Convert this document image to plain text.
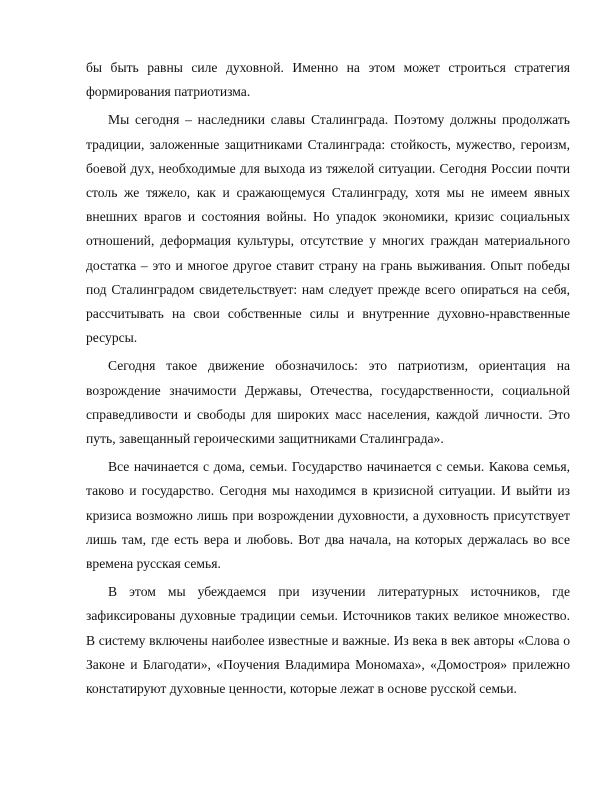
бы быть равны силе духовной. Именно на этом может строиться стратегия формирования патриотизма.

Мы сегодня – наследники славы Сталинграда. Поэтому должны продолжать традиции, заложенные защитниками Сталинграда: стойкость, мужество, героизм, боевой дух, необходимые для выхода из тяжелой ситуации. Сегодня России почти столь же тяжело, как и сражающемуся Сталинграду, хотя мы не имеем явных внешних врагов и состояния войны. Но упадок экономики, кризис социальных отношений, деформация культуры, отсутствие у многих граждан материального достатка – это и многое другое ставит страну на грань выживания. Опыт победы под Сталинградом свидетельствует: нам следует прежде всего опираться на себя, рассчитывать на свои собственные силы и внутренние духовно-нравственные ресурсы.

Сегодня такое движение обозначилось: это патриотизм, ориентация на возрождение значимости Державы, Отечества, государственности, социальной справедливости и свободы для широких масс населения, каждой личности. Это путь, завещанный героическими защитниками Сталинграда».

Все начинается с дома, семьи. Государство начинается с семьи. Какова семья, таково и государство. Сегодня мы находимся в кризисной ситуации. И выйти из кризиса возможно лишь при возрождении духовности, а духовность присутствует лишь там, где есть вера и любовь. Вот два начала, на которых держалась во все времена русская семья.

В этом мы убеждаемся при изучении литературных источников, где зафиксированы духовные традиции семьи. Источников таких великое множество. В систему включены наиболее известные и важные. Из века в век авторы «Слова о Законе и Благодати», «Поучения Владимира Мономаха», «Домостроя» прилежно констатируют духовные ценности, которые лежат в основе русской семьи.
